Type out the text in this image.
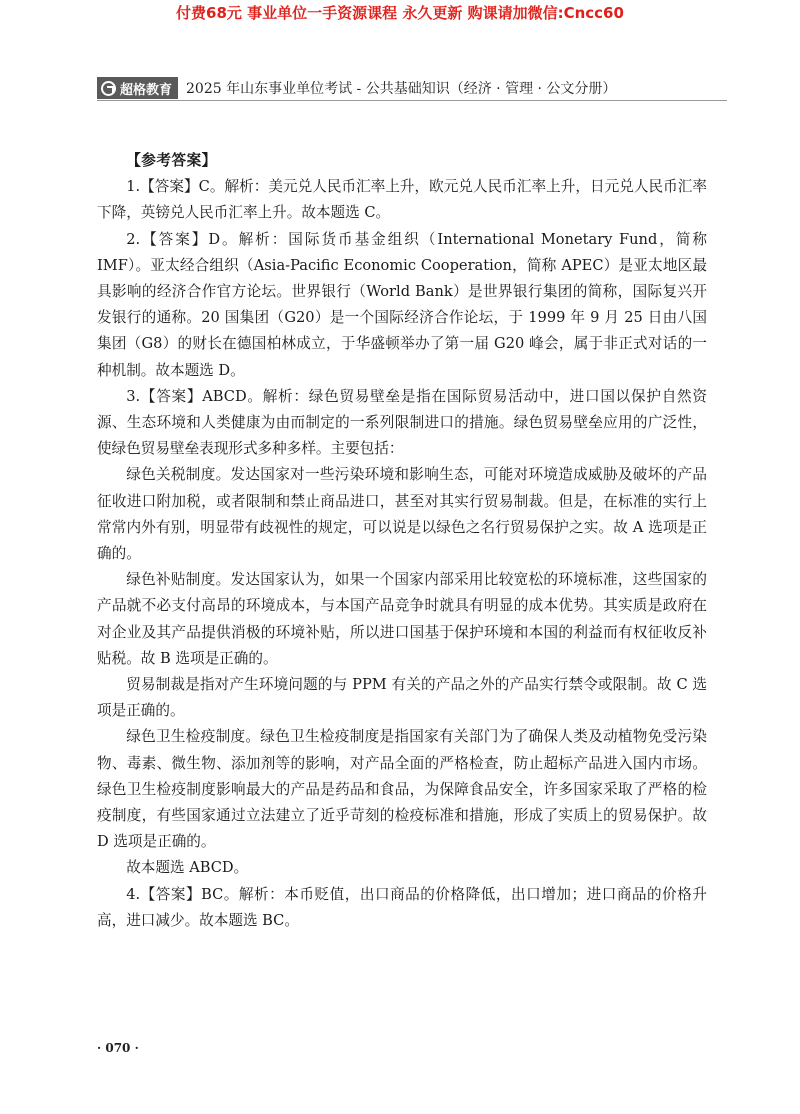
付费68元 事业单位一手资源课程 永久更新 购课请加微信:Cncc60
超格教育 2025 年山东事业单位考试 - 公共基础知识（经济 · 管理 · 公文分册）

【参考答案】

1.【答案】C。解析：美元兑人民币汇率上升，欧元兑人民币汇率上升，日元兑人民币汇率下降，英镑兑人民币汇率上升。故本题选 C。

2.【答案】D。解析：国际货币基金组织（International Monetary Fund，简称 IMF）。亚太经合组织（Asia-Pacific Economic Cooperation，简称 APEC）是亚太地区最具影响的经济合作官方论坛。世界银行（World Bank）是世界银行集团的简称，国际复兴开发银行的通称。20 国集团（G20）是一个国际经济合作论坛，于 1999 年 9 月 25 日由八国集团（G8）的财长在德国柏林成立，于华盛顿举办了第一届 G20 峰会，属于非正式对话的一种机制。故本题选 D。

3.【答案】ABCD。解析：绿色贸易壁垒是指在国际贸易活动中，进口国以保护自然资源、生态环境和人类健康为由而制定的一系列限制进口的措施。绿色贸易壁垒应用的广泛性，使绿色贸易壁垒表现形式多种多样。主要包括：

绿色关税制度。发达国家对一些污染环境和影响生态，可能对环境造成威胁及破坏的产品征收进口附加税，或者限制和禁止商品进口，甚至对其实行贸易制裁。但是，在标准的实行上常常内外有别，明显带有歧视性的规定，可以说是以绿色之名行贸易保护之实。故 A 选项是正确的。

绿色补贴制度。发达国家认为，如果一个国家内部采用比较宽松的环境标准，这些国家的产品就不必支付高昂的环境成本，与本国产品竞争时就具有明显的成本优势。其实质是政府在对企业及其产品提供消极的环境补贴，所以进口国基于保护环境和本国的利益而有权征收反补贴税。故 B 选项是正确的。

贸易制裁是指对产生环境问题的与 PPM 有关的产品之外的产品实行禁令或限制。故 C 选项是正确的。

绿色卫生检疫制度。绿色卫生检疫制度是指国家有关部门为了确保人类及动植物免受污染物、毒素、微生物、添加剂等的影响，对产品全面的严格检查，防止超标产品进入国内市场。绿色卫生检疫制度影响最大的产品是药品和食品，为保障食品安全，许多国家采取了严格的检疫制度，有些国家通过立法建立了近乎苛刻的检疫标准和措施，形成了实质上的贸易保护。故 D 选项是正确的。

故本题选 ABCD。

4.【答案】BC。解析：本币贬值，出口商品的价格降低，出口增加；进口商品的价格升高，进口减少。故本题选 BC。

· 070 ·
